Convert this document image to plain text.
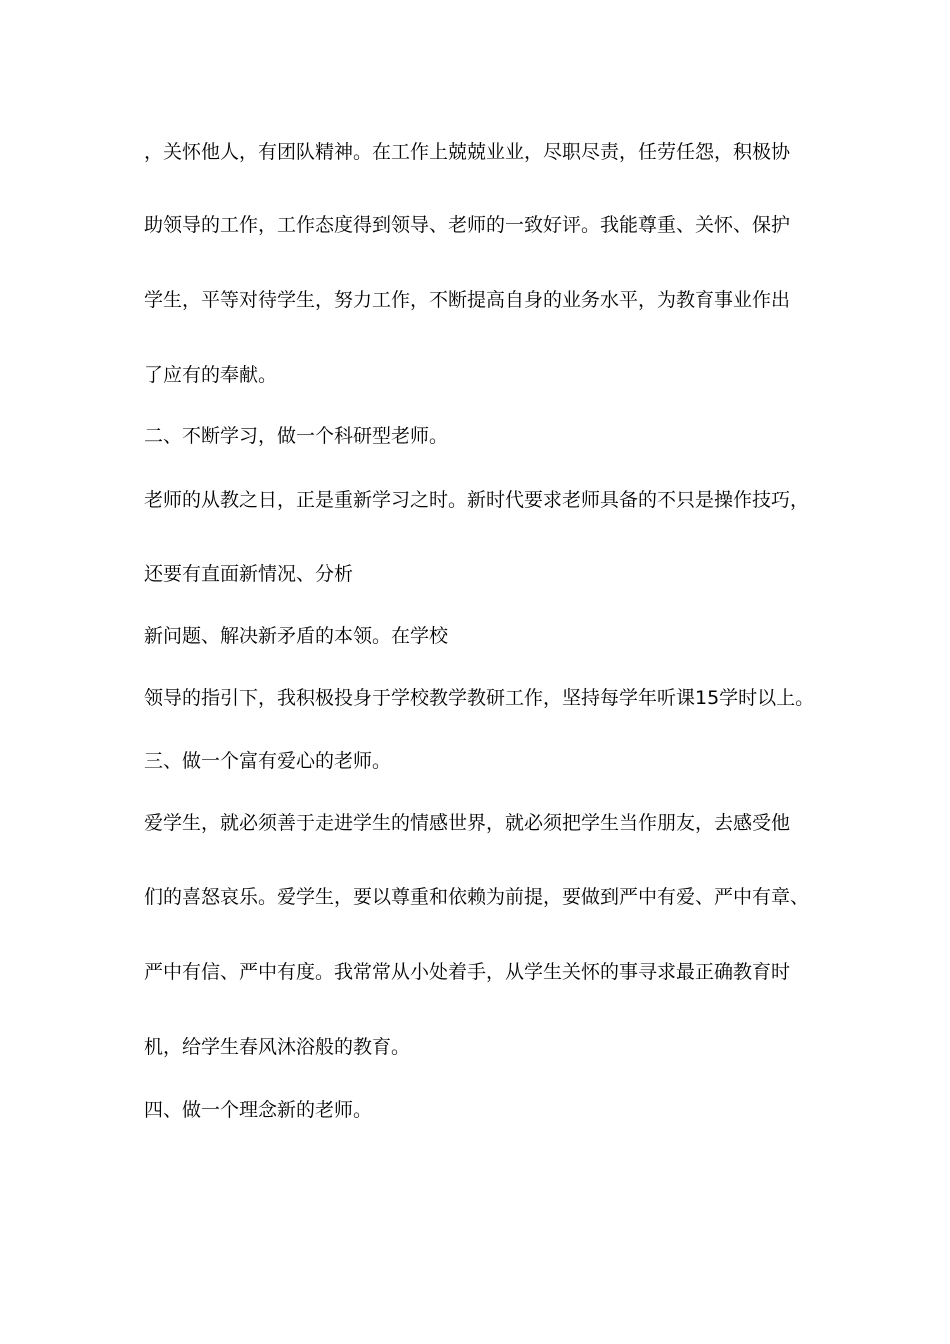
，关怀他人，有团队精神。在工作上兢兢业业，尽职尽责，任劳任怨，积极协
助领导的工作，工作态度得到领导、老师的一致好评。我能尊重、关怀、保护
学生，平等对待学生，努力工作，不断提高自身的业务水平，为教育事业作出
了应有的奉献。
二、不断学习，做一个科研型老师。
老师的从教之日，正是重新学习之时。新时代要求老师具备的不只是操作技巧，
还要有直面新情况、分析
新问题、解决新矛盾的本领。在学校
领导的指引下，我积极投身于学校教学教研工作，坚持每学年听课15学时以上。
三、做一个富有爱心的老师。
爱学生，就必须善于走进学生的情感世界，就必须把学生当作朋友，去感受他
们的喜怒哀乐。爱学生，要以尊重和依赖为前提，要做到严中有爱、严中有章、
严中有信、严中有度。我常常从小处着手，从学生关怀的事寻求最正确教育时
机，给学生春风沐浴般的教育。
四、做一个理念新的老师。
